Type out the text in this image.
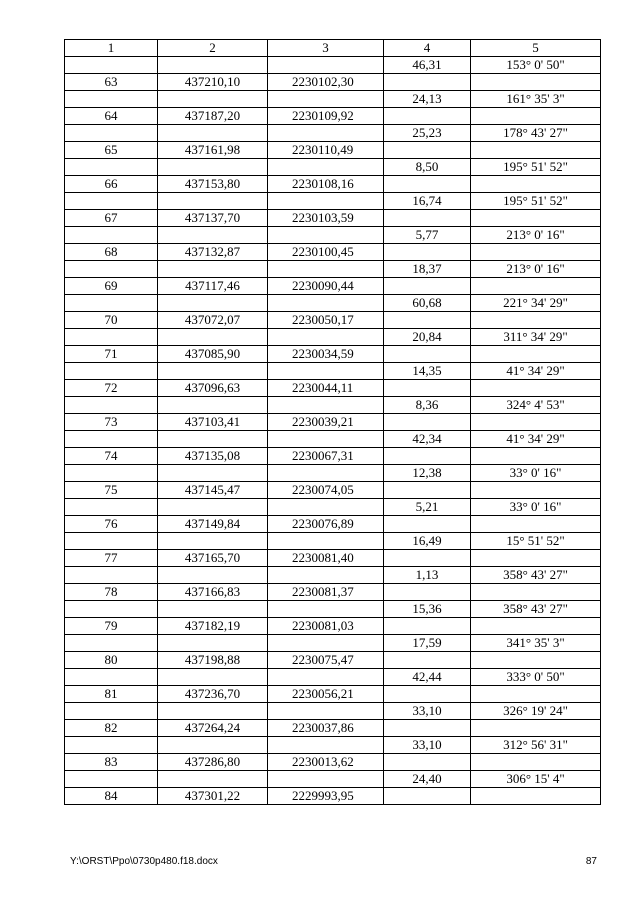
1	2	3	4	5
			46,31	153° 0' 50"
63	437210,10	2230102,30		
			24,13	161° 35' 3"
64	437187,20	2230109,92		
			25,23	178° 43' 27"
65	437161,98	2230110,49		
			8,50	195° 51' 52"
66	437153,80	2230108,16		
			16,74	195° 51' 52"
67	437137,70	2230103,59		
			5,77	213° 0' 16"
68	437132,87	2230100,45		
			18,37	213° 0' 16"
69	437117,46	2230090,44		
			60,68	221° 34' 29"
70	437072,07	2230050,17		
			20,84	311° 34' 29"
71	437085,90	2230034,59		
			14,35	41° 34' 29"
72	437096,63	2230044,11		
			8,36	324° 4' 53"
73	437103,41	2230039,21		
			42,34	41° 34' 29"
74	437135,08	2230067,31		
			12,38	33° 0' 16"
75	437145,47	2230074,05		
			5,21	33° 0' 16"
76	437149,84	2230076,89		
			16,49	15° 51' 52"
77	437165,70	2230081,40		
			1,13	358° 43' 27"
78	437166,83	2230081,37		
			15,36	358° 43' 27"
79	437182,19	2230081,03		
			17,59	341° 35' 3"
80	437198,88	2230075,47		
			42,44	333° 0' 50"
81	437236,70	2230056,21		
			33,10	326° 19' 24"
82	437264,24	2230037,86		
			33,10	312° 56' 31"
83	437286,80	2230013,62		
			24,40	306° 15' 4"
84	437301,22	2229993,95		
Y:\ORST\Ppo\0730p480.f18.docx	87
